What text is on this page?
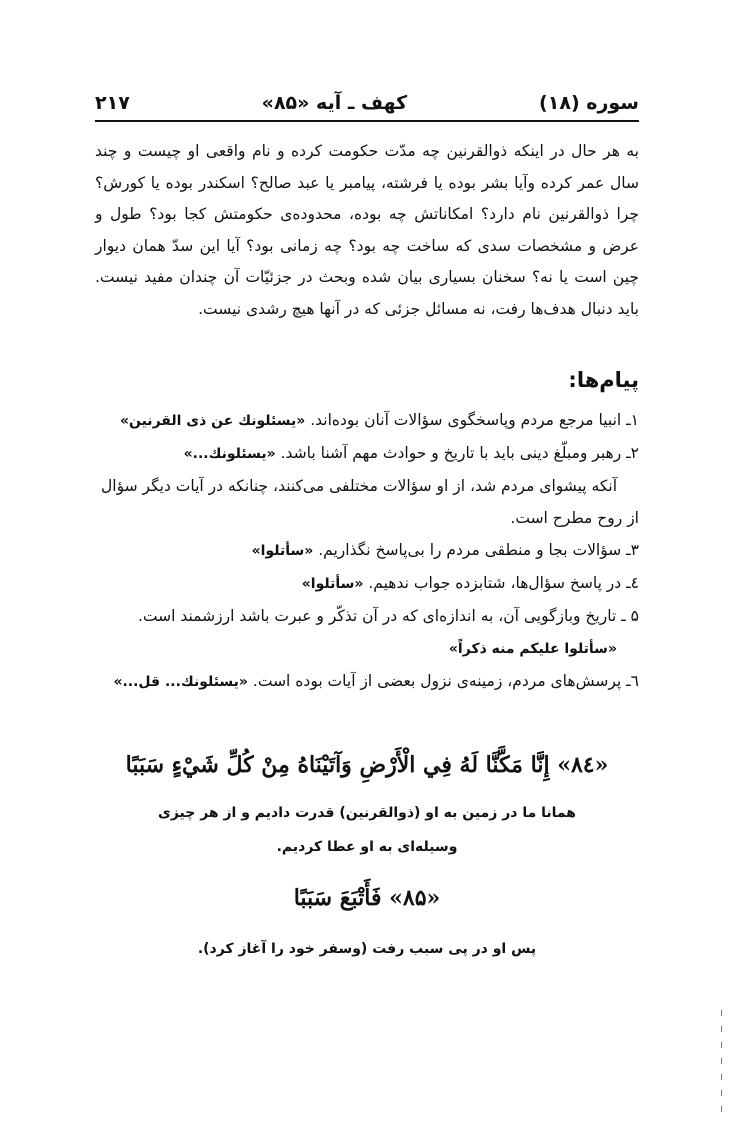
سوره (۱۸)
کهف ـ آیه «۸۵»
۲۱۷
به هر حال در اینکه ذوالقرنین چه مدّت حکومت کرده و نام واقعی او چیست و چند سال عمر کرده وآیا بشر بوده یا فرشته، پیامبر یا عبد صالح؟ اسکندر بوده یا کورش؟ چرا ذوالقرنین نام دارد؟ امکاناتش چه بوده، محدوده‌ی حکومتش کجا بود؟ طول و عرض و مشخصات سدی که ساخت چه بود؟ چه زمانی بود؟ آیا این سدّ همان دیوار چین است یا نه؟ سخنان بسیاری بیان شده وبحث در جزئیّات آن چندان مفید نیست. باید دنبال هدف‌ها رفت، نه مسائل جزئی که در آنها هیچ رشدی نیست.
پیام‌ها:

۱ـ انبیا مرجع مردم وپاسخگوی سؤالات آنان بوده‌اند. «یسئلونك عن ذی القرنین»

۲ـ رهبر ومبلّغ دینی باید با تاریخ و حوادث مهم آشنا باشد. «یسئلونك...»

آنکه پیشوای مردم شد، از او سؤالات مختلفی می‌کنند، چنانکه در آیات دیگر سؤال از روح مطرح است.

۳ـ سؤالات بجا و منطقی مردم را بی‌پاسخ نگذاریم. «سأتلوا»

٤ـ در پاسخ سؤال‌ها، شتابزده جواب ندهیم. «سأتلوا»

۵ ـ تاریخ وبازگویی آن، به اندازه‌ای که در آن تذکّر و عبرت باشد ارزشمند است.

«سأتلوا علیكم منه ذكراً»

٦ـ پرسش‌های مردم، زمینه‌ی نزول بعضی از آیات بوده است. «یسئلونك... قل...»

«۸٤» إِنَّا مَكَّنَّا لَهُ فِي الْأَرْضِ وَآتَيْنَاهُ مِنْ كُلِّ شَيْءٍ سَبَبًا
همانا ما در زمین به او (ذوالقرنین) قدرت دادیم و از هر چیزی وسیله‌ای به او عطا کردیم.
«۸۵» فَأَتْبَعَ سَبَبًا
پس او در پی سبب رفت (وسفر خود را آغاز کرد).
